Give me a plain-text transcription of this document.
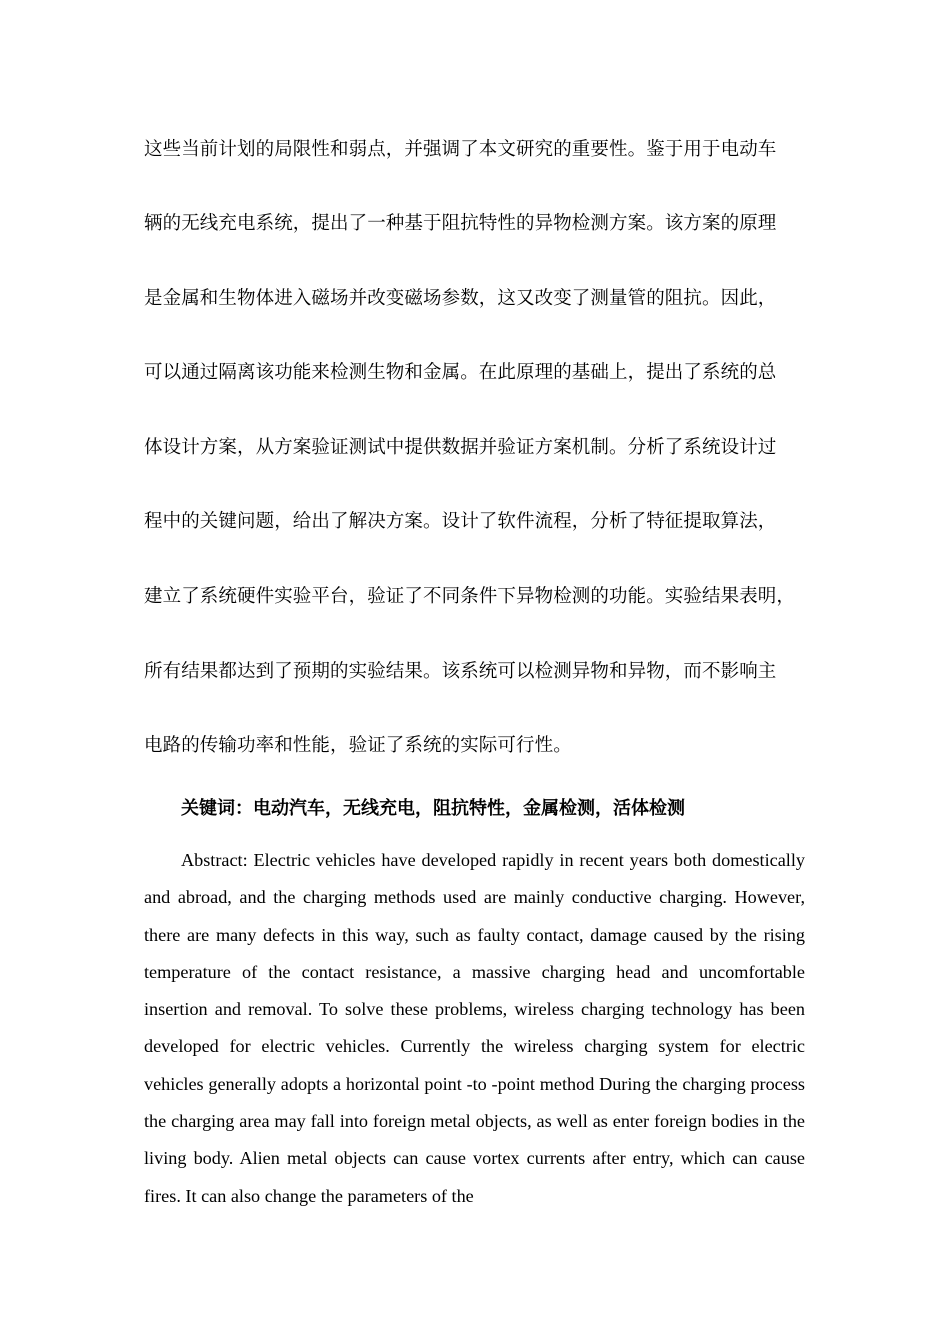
这些当前计划的局限性和弱点，并强调了本文研究的重要性。鉴于用于电动车
辆的无线充电系统，提出了一种基于阻抗特性的异物检测方案。该方案的原理
是金属和生物体进入磁场并改变磁场参数，这又改变了测量管的阻抗。因此，
可以通过隔离该功能来检测生物和金属。在此原理的基础上，提出了系统的总
体设计方案，从方案验证测试中提供数据并验证方案机制。分析了系统设计过
程中的关键问题，给出了解决方案。设计了软件流程，分析了特征提取算法，
建立了系统硬件实验平台，验证了不同条件下异物检测的功能。实验结果表明，
所有结果都达到了预期的实验结果。该系统可以检测异物和异物，而不影响主
电路的传输功率和性能，验证了系统的实际可行性。
关键词：电动汽车，无线充电，阻抗特性，金属检测，活体检测

Abstract: Electric vehicles have developed rapidly in recent years both domestically and abroad, and the charging methods used are mainly conductive charging. However, there are many defects in this way, such as faulty contact, damage caused by the rising temperature of the contact resistance, a massive charging head and uncomfortable insertion and removal. To solve these problems, wireless charging technology has been developed for electric vehicles. Currently the wireless charging system for electric vehicles generally adopts a horizontal point -to -point method During the charging process the charging area may fall into foreign metal objects, as well as enter foreign bodies in the living body. Alien metal objects can cause vortex currents after entry, which can cause fires. It can also change the parameters of the
